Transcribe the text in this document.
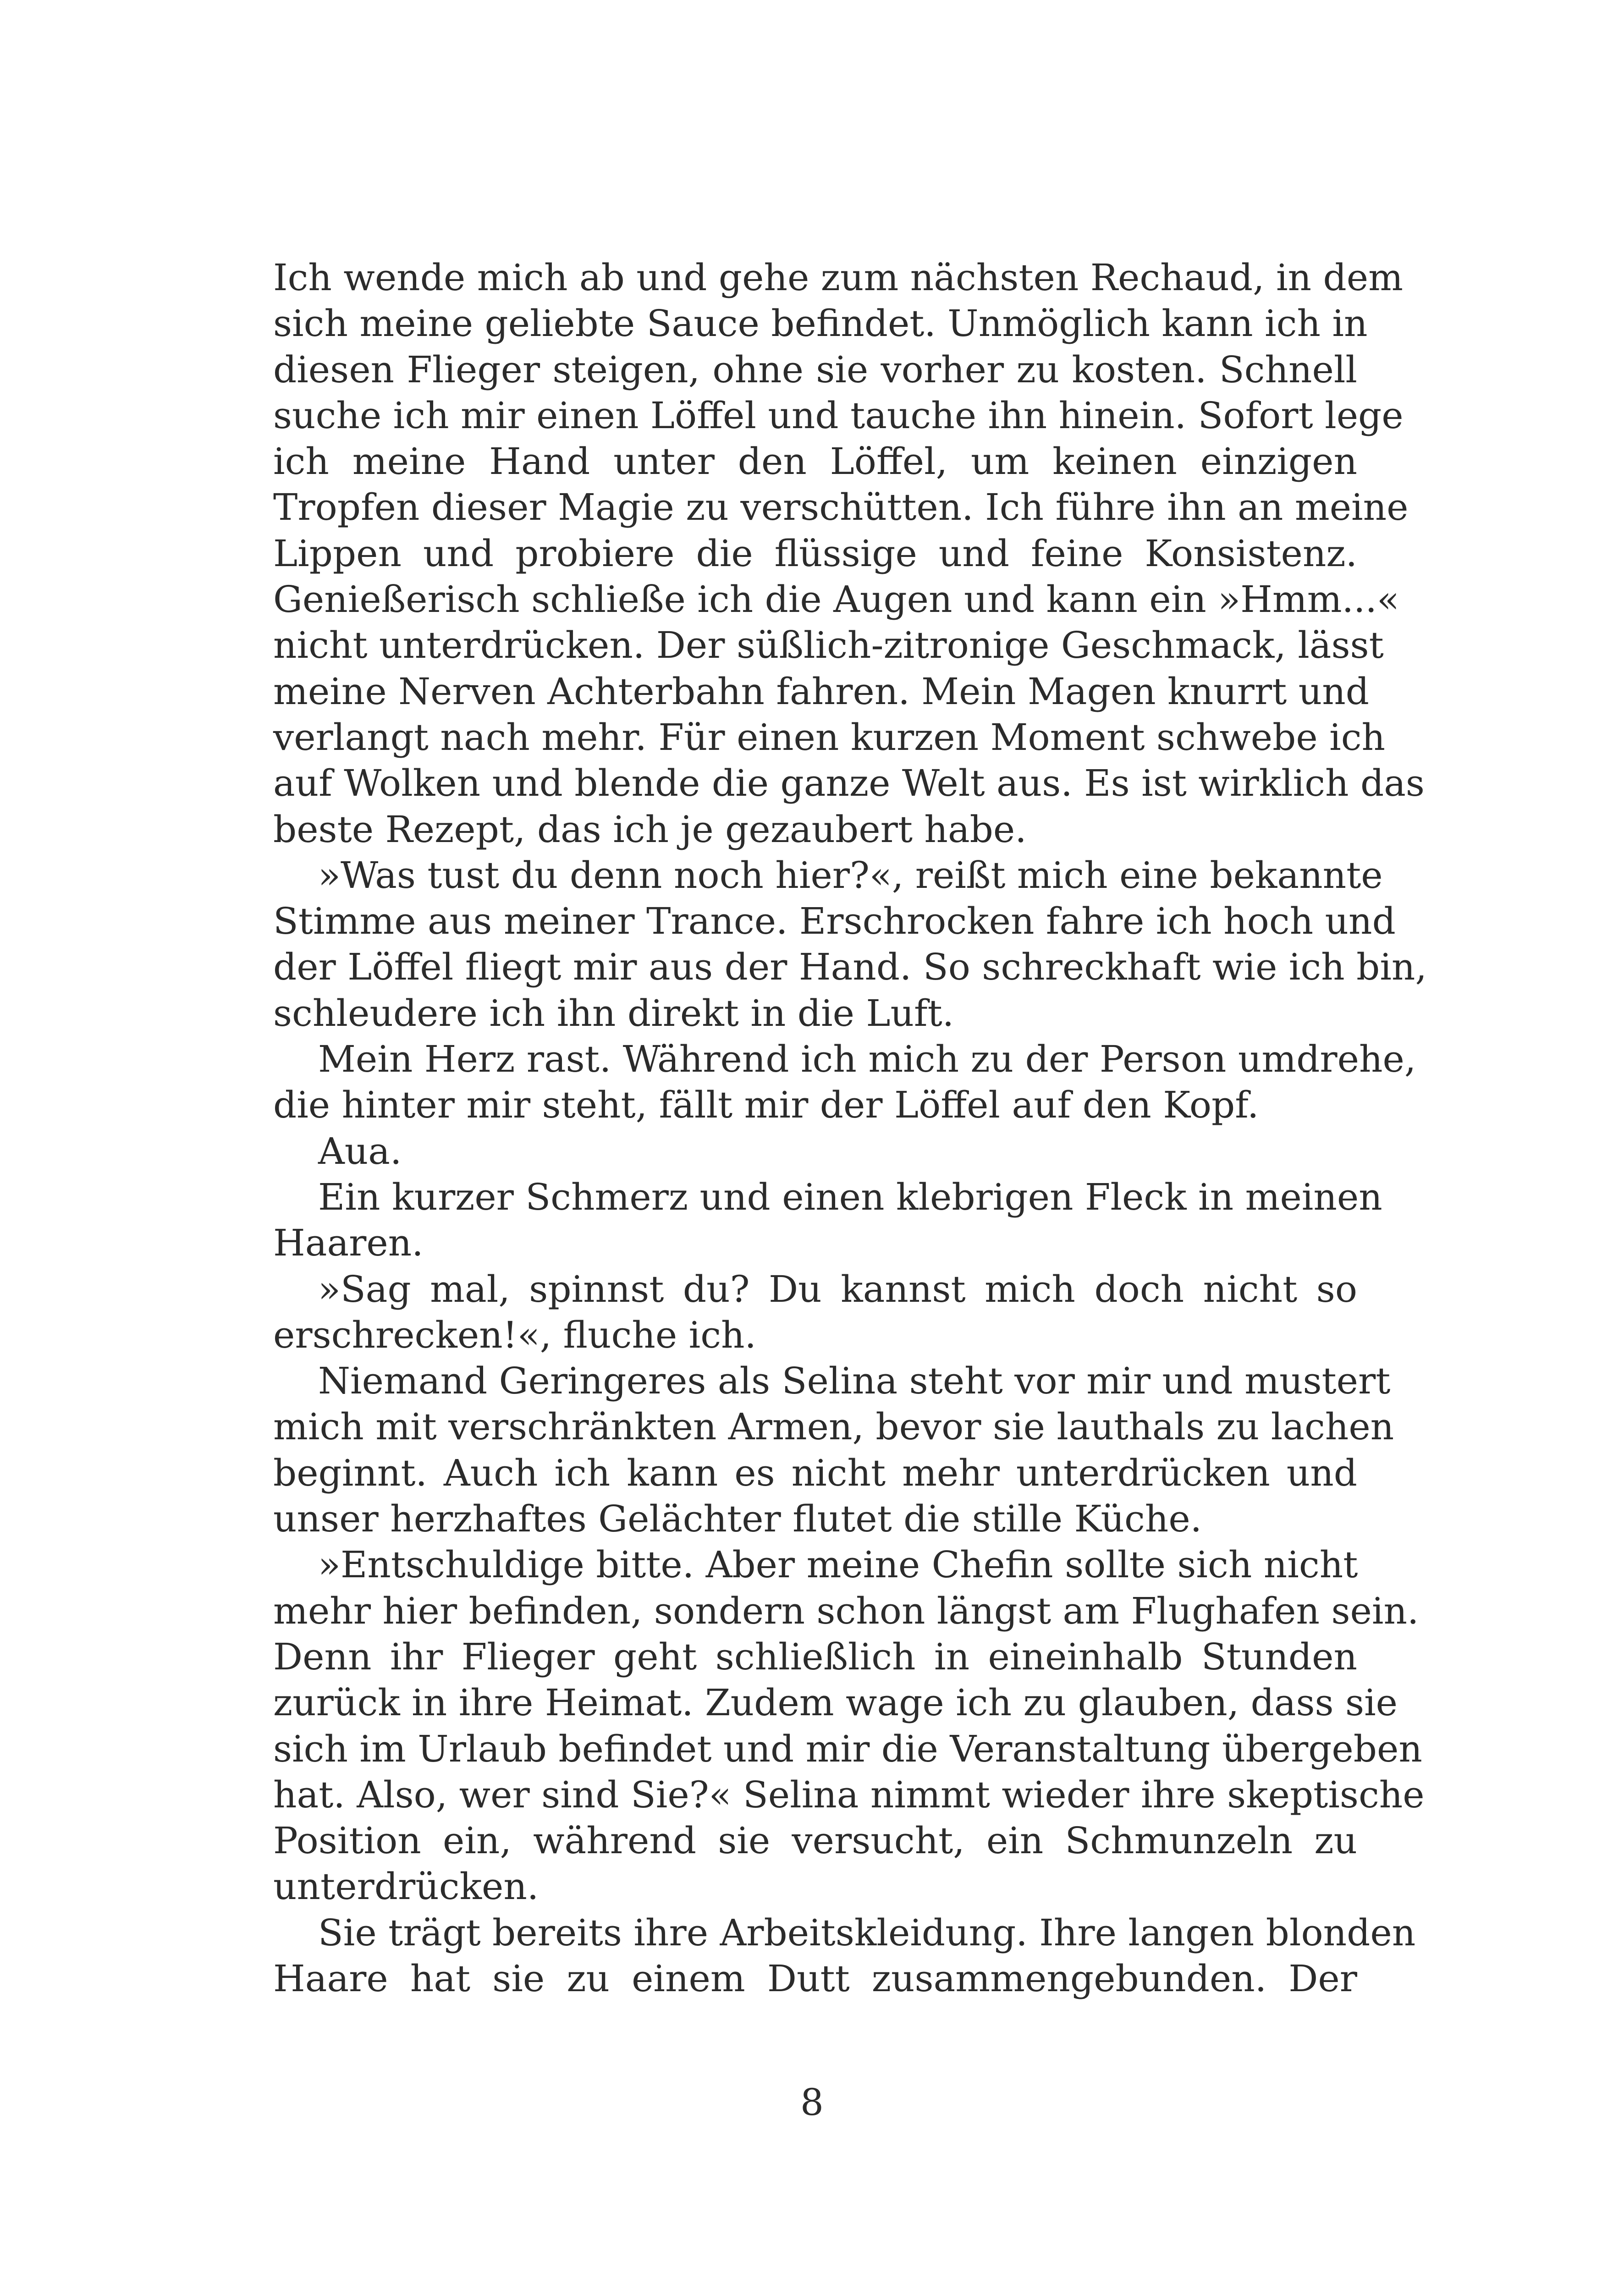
Ich wende mich ab und gehe zum nächsten Rechaud, in dem
sich meine geliebte Sauce befindet. Unmöglich kann ich in
diesen Flieger steigen, ohne sie vorher zu kosten. Schnell
suche ich mir einen Löffel und tauche ihn hinein. Sofort lege
ich meine Hand unter den Löffel, um keinen einzigen
Tropfen dieser Magie zu verschütten. Ich führe ihn an meine
Lippen und probiere die flüssige und feine Konsistenz.
Genießerisch schließe ich die Augen und kann ein »Hmm...«
nicht unterdrücken. Der süßlich-zitronige Geschmack, lässt
meine Nerven Achterbahn fahren. Mein Magen knurrt und
verlangt nach mehr. Für einen kurzen Moment schwebe ich
auf Wolken und blende die ganze Welt aus. Es ist wirklich das
beste Rezept, das ich je gezaubert habe.
»Was tust du denn noch hier?«, reißt mich eine bekannte
Stimme aus meiner Trance. Erschrocken fahre ich hoch und
der Löffel fliegt mir aus der Hand. So schreckhaft wie ich bin,
schleudere ich ihn direkt in die Luft.
Mein Herz rast. Während ich mich zu der Person umdrehe,
die hinter mir steht, fällt mir der Löffel auf den Kopf.
Aua.
Ein kurzer Schmerz und einen klebrigen Fleck in meinen
Haaren.
»Sag mal, spinnst du? Du kannst mich doch nicht so
erschrecken!«, fluche ich.
Niemand Geringeres als Selina steht vor mir und mustert
mich mit verschränkten Armen, bevor sie lauthals zu lachen
beginnt. Auch ich kann es nicht mehr unterdrücken und
unser herzhaftes Gelächter flutet die stille Küche.
»Entschuldige bitte. Aber meine Chefin sollte sich nicht
mehr hier befinden, sondern schon längst am Flughafen sein.
Denn ihr Flieger geht schließlich in eineinhalb Stunden
zurück in ihre Heimat. Zudem wage ich zu glauben, dass sie
sich im Urlaub befindet und mir die Veranstaltung übergeben
hat. Also, wer sind Sie?« Selina nimmt wieder ihre skeptische
Position ein, während sie versucht, ein Schmunzeln zu
unterdrücken.
Sie trägt bereits ihre Arbeitskleidung. Ihre langen blonden
Haare hat sie zu einem Dutt zusammengebunden. Der
8
